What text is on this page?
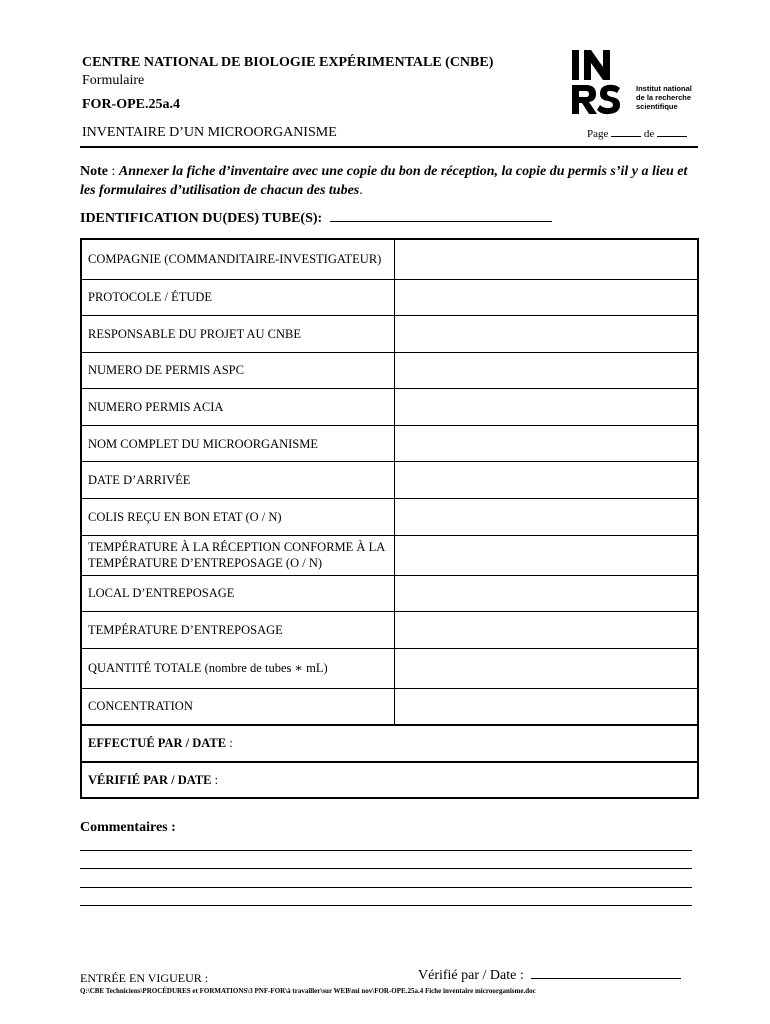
CENTRE NATIONAL DE BIOLOGIE EXPÉRIMENTALE (CNBE)
Formulaire
FOR-OPE.25a.4
INVENTAIRE D’UN MICROORGANISME	Page	de
INRS
Institut national
de la recherche
scientifique
Note : Annexer la fiche d’inventaire avec une copie du bon de réception, la copie du permis s’il y a lieu et les formulaires d’utilisation de chacun des tubes.
IDENTIFICATION DU(DES) TUBE(S):
COMPAGNIE (COMMANDITAIRE-INVESTIGATEUR)	
PROTOCOLE / ÉTUDE	
RESPONSABLE DU PROJET AU CNBE	
NUMERO DE PERMIS ASPC	
NUMERO PERMIS ACIA	
NOM COMPLET DU MICROORGANISME	
DATE D’ARRIVÉE	
COLIS REÇU EN BON ETAT (O / N)	
TEMPÉRATURE À LA RÉCEPTION CONFORME À LA TEMPÉRATURE D’ENTREPOSAGE (O / N)	
LOCAL D’ENTREPOSAGE	
TEMPÉRATURE D’ENTREPOSAGE	
QUANTITÉ TOTALE (nombre de tubes ∗ mL)	
CONCENTRATION	
EFFECTUÉ PAR / DATE :	
VÉRIFIÉ PAR / DATE :	
Commentaires :
ENTRÉE EN VIGUEUR :	Vérifié par / Date :
Q:\CBE Techniciens\PROCÉDURES et FORMATIONS\3 PNF-FOR\à travailler\sur WEB\mi nov\FOR-OPE.25a.4 Fiche inventaire microorganisme.doc
